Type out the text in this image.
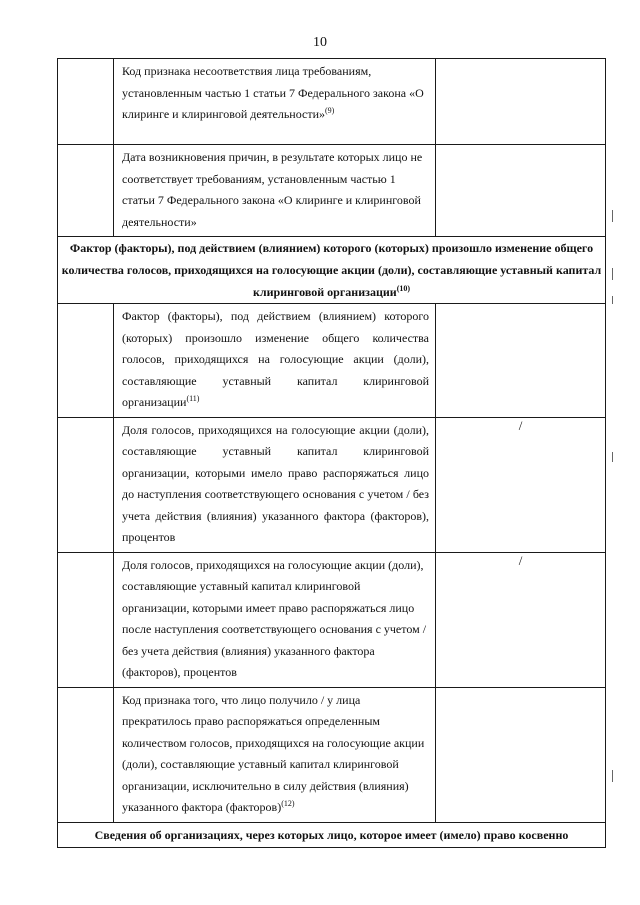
10

	Код признака несоответствия лица требованиям, установленным частью 1 статьи 7 Федерального закона «О клиринге и клиринговой деятельности»$^{(9)}$

	Дата возникновения причин, в результате которых лицо не соответствует требованиям, установленным частью 1 статьи 7 Федерального закона «О клиринге и клиринговой деятельности»	

Фактор (факторы), под действием (влиянием) которого (которых) произошло изменение общего количества голосов, приходящихся на голосующие акции (доли), составляющие уставный капитал клиринговой организации$^{(10)}$

	Фактор (факторы), под действием (влиянием) которого (которых) произошло изменение общего количества голосов, приходящихся на голосующие акции (доли), составляющие уставный капитал клиринговой организации$^{(11)}$

	Доля голосов, приходящихся на голосующие акции (доли), составляющие уставный капитал клиринговой организации, которыми имело право распоряжаться лицо до наступления соответствующего основания с учетом / без учета действия (влияния) указанного фактора (факторов), процентов	/

	Доля голосов, приходящихся на голосующие акции (доли), составляющие уставный капитал клиринговой организации, которыми имеет право распоряжаться лицо после наступления соответствующего основания с учетом / без учета действия (влияния) указанного фактора (факторов), процентов	/

	Код признака того, что лицо получило / у лица прекратилось право распоряжаться определенным количеством голосов, приходящихся на голосующие акции (доли), составляющие уставный капитал клиринговой организации, исключительно в силу действия (влияния) указанного фактора (факторов)$^{(12)}$

Сведения об организациях, через которых лицо, которое имеет (имело) право косвенно		
